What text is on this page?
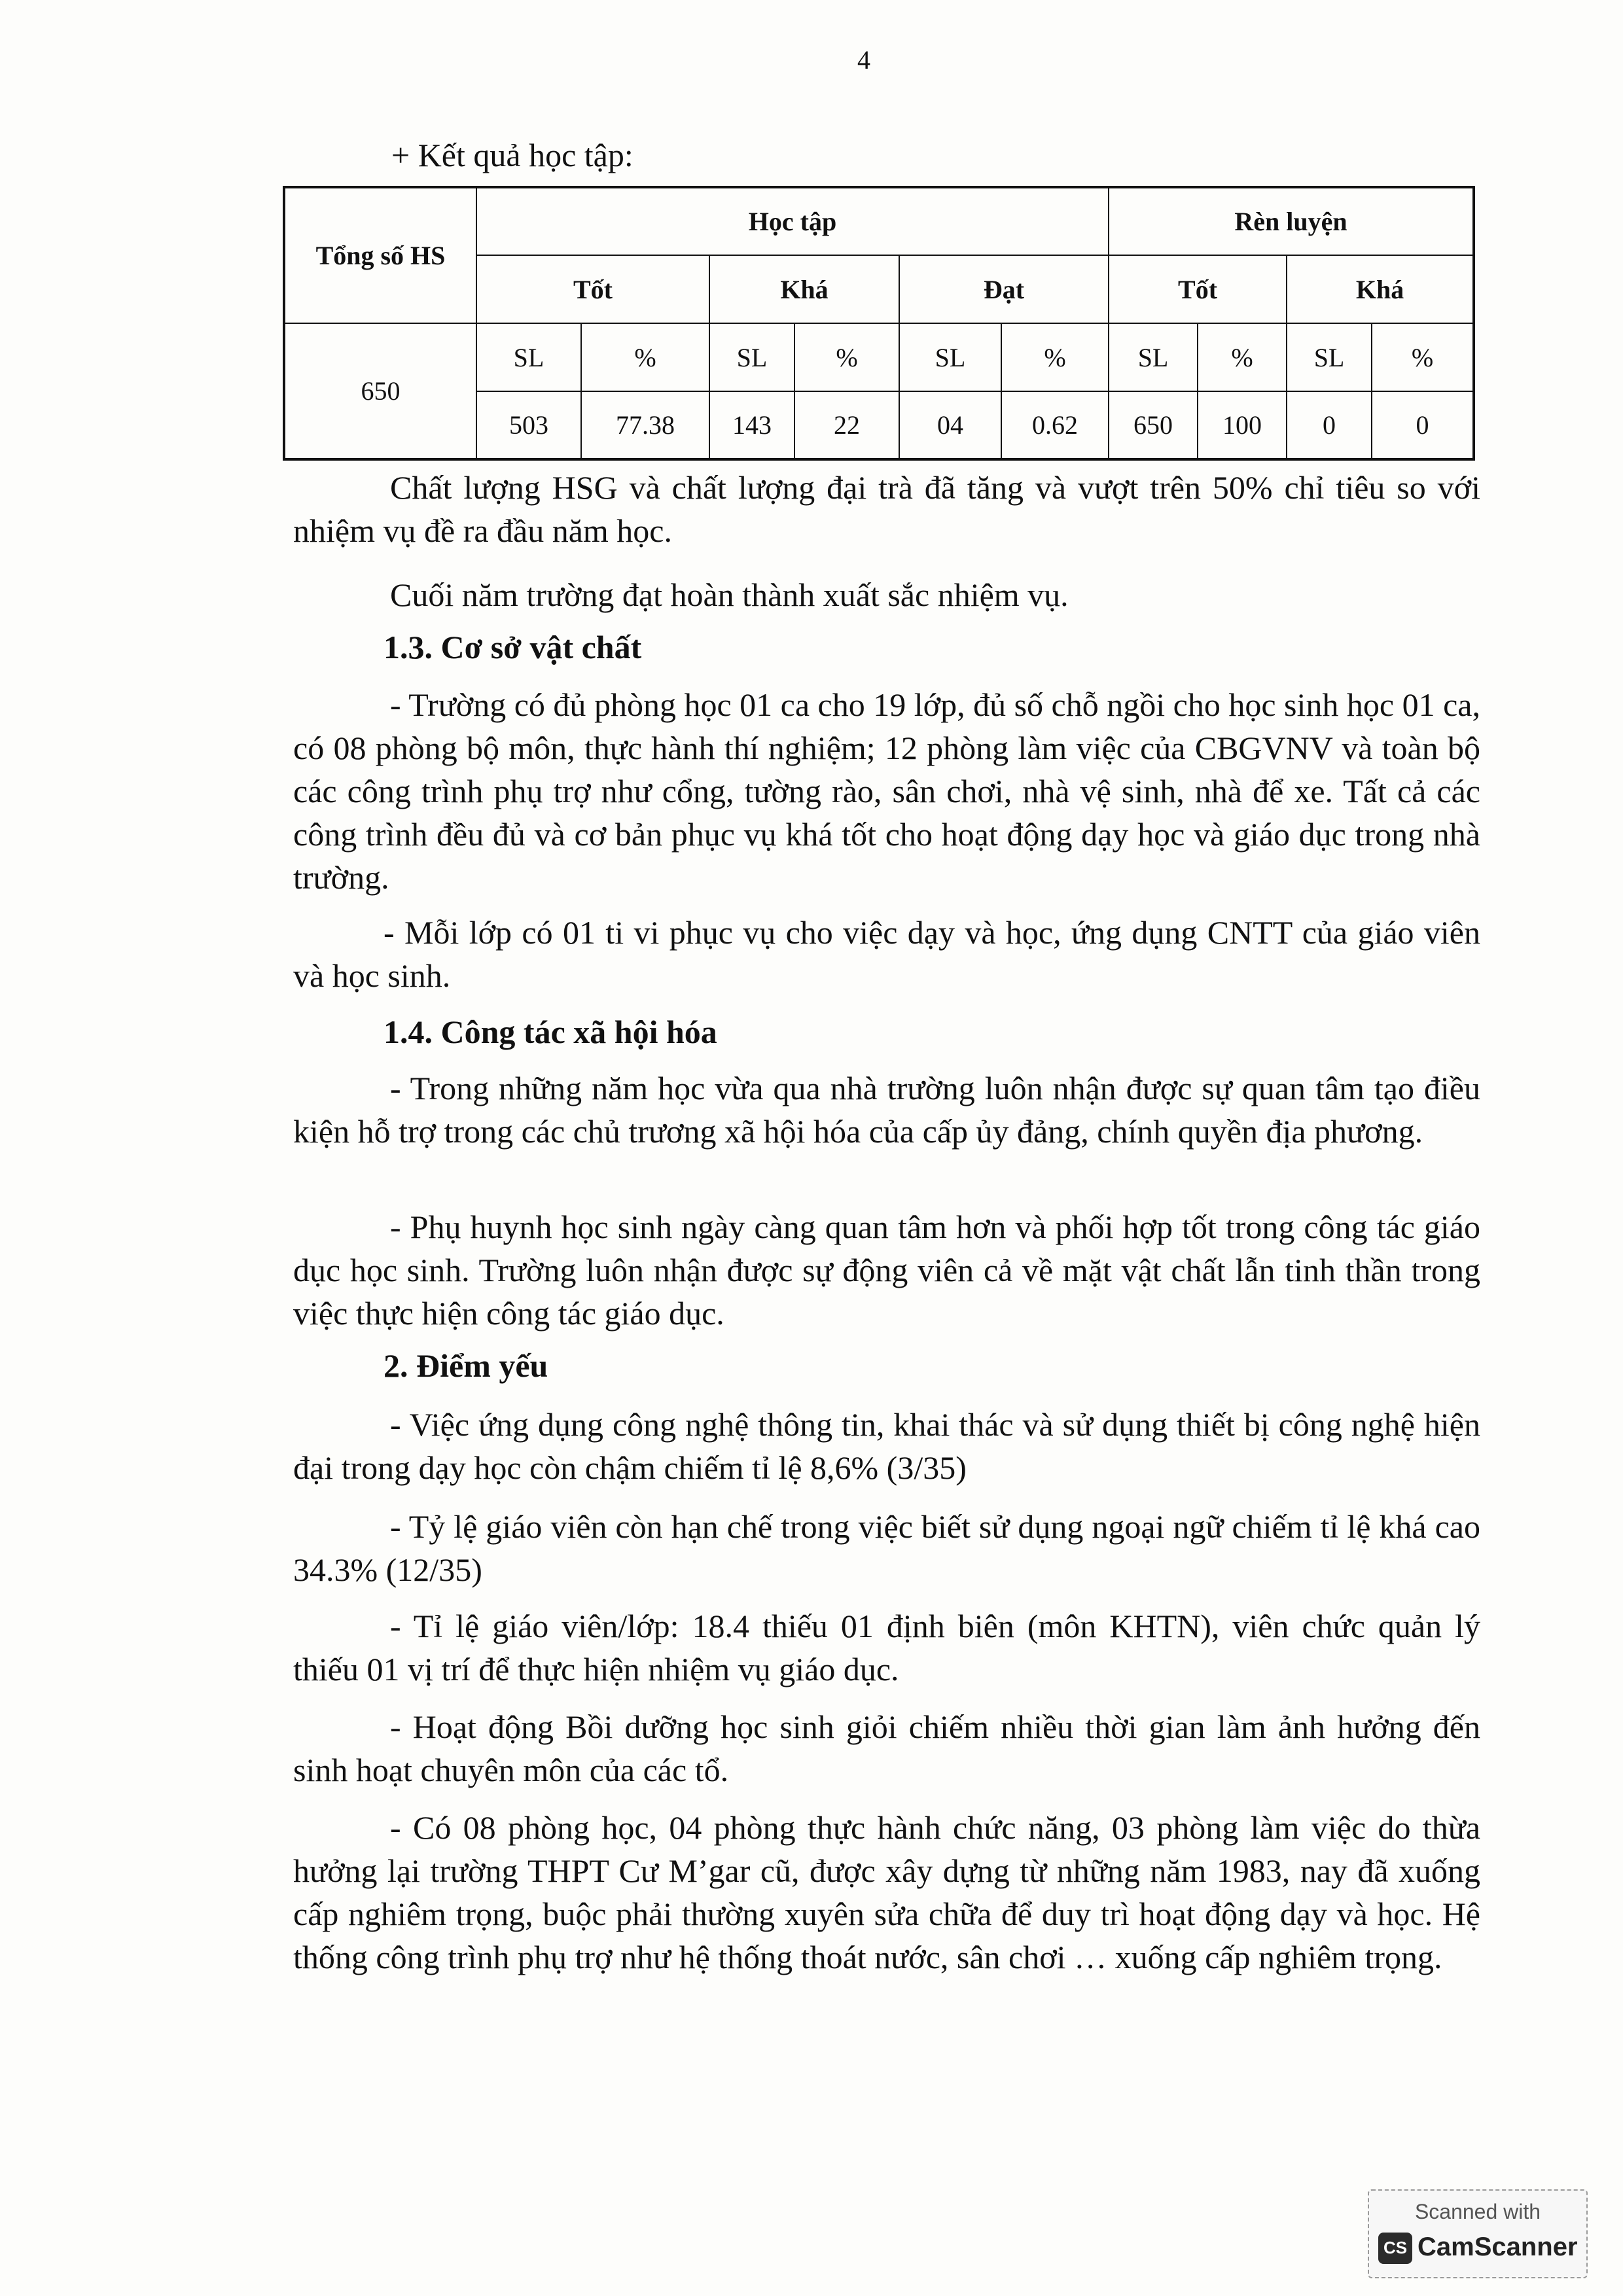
4
+ Kết quả học tập:
Tổng số HS	Học tập						Rèn luyện			
	Tốt		Khá		Đạt		Tốt		Khá	
650	SL	%	SL	%	SL	%	SL	%	SL	%
	503	77.38	143	22	04	0.62	650	100	0	0

Chất lượng HSG và chất lượng đại trà đã tăng và vượt trên 50% chỉ tiêu so với nhiệm vụ đề ra đầu năm học.

Cuối năm trường đạt hoàn thành xuất sắc nhiệm vụ.

1.3. Cơ sở vật chất

- Trường có đủ phòng học 01 ca cho 19 lớp, đủ số chỗ ngồi cho học sinh học 01 ca, có 08 phòng bộ môn, thực hành thí nghiệm; 12 phòng làm việc của CBGVNV và toàn bộ các công trình phụ trợ như cổng, tường rào, sân chơi, nhà vệ sinh, nhà để xe. Tất cả các công trình đều đủ và cơ bản phục vụ khá tốt cho hoạt động dạy học và giáo dục trong nhà trường.

- Mỗi lớp có 01 ti vi phục vụ cho việc dạy và học, ứng dụng CNTT của giáo viên và học sinh.

1.4. Công tác xã hội hóa

- Trong những năm học vừa qua nhà trường luôn nhận được sự quan tâm tạo điều kiện hỗ trợ trong các chủ trương xã hội hóa của cấp ủy đảng, chính quyền địa phương.

- Phụ huynh học sinh ngày càng quan tâm hơn và phối hợp tốt trong công tác giáo dục học sinh. Trường luôn nhận được sự động viên cả về mặt vật chất lẫn tinh thần trong việc thực hiện công tác giáo dục.

2. Điểm yếu

- Việc ứng dụng công nghệ thông tin, khai thác và sử dụng thiết bị công nghệ hiện đại trong dạy học còn chậm chiếm tỉ lệ 8,6% (3/35)

- Tỷ lệ giáo viên còn hạn chế trong việc biết sử dụng ngoại ngữ chiếm tỉ lệ khá cao 34.3% (12/35)

- Tỉ lệ giáo viên/lớp: 18.4 thiếu 01 định biên (môn KHTN), viên chức quản lý thiếu 01 vị trí để thực hiện nhiệm vụ giáo dục.

- Hoạt động Bồi dưỡng học sinh giỏi chiếm nhiều thời gian làm ảnh hưởng đến sinh hoạt chuyên môn của các tổ.

- Có 08 phòng học, 04 phòng thực hành chức năng, 03 phòng làm việc do thừa hưởng lại trường THPT Cư M’gar cũ, được xây dựng từ những năm 1983, nay đã xuống cấp nghiêm trọng, buộc phải thường xuyên sửa chữa để duy trì hoạt động dạy và học. Hệ thống công trình phụ trợ như hệ thống thoát nước, sân chơi … xuống cấp nghiêm trọng.

Scanned with
CS CamScanner
